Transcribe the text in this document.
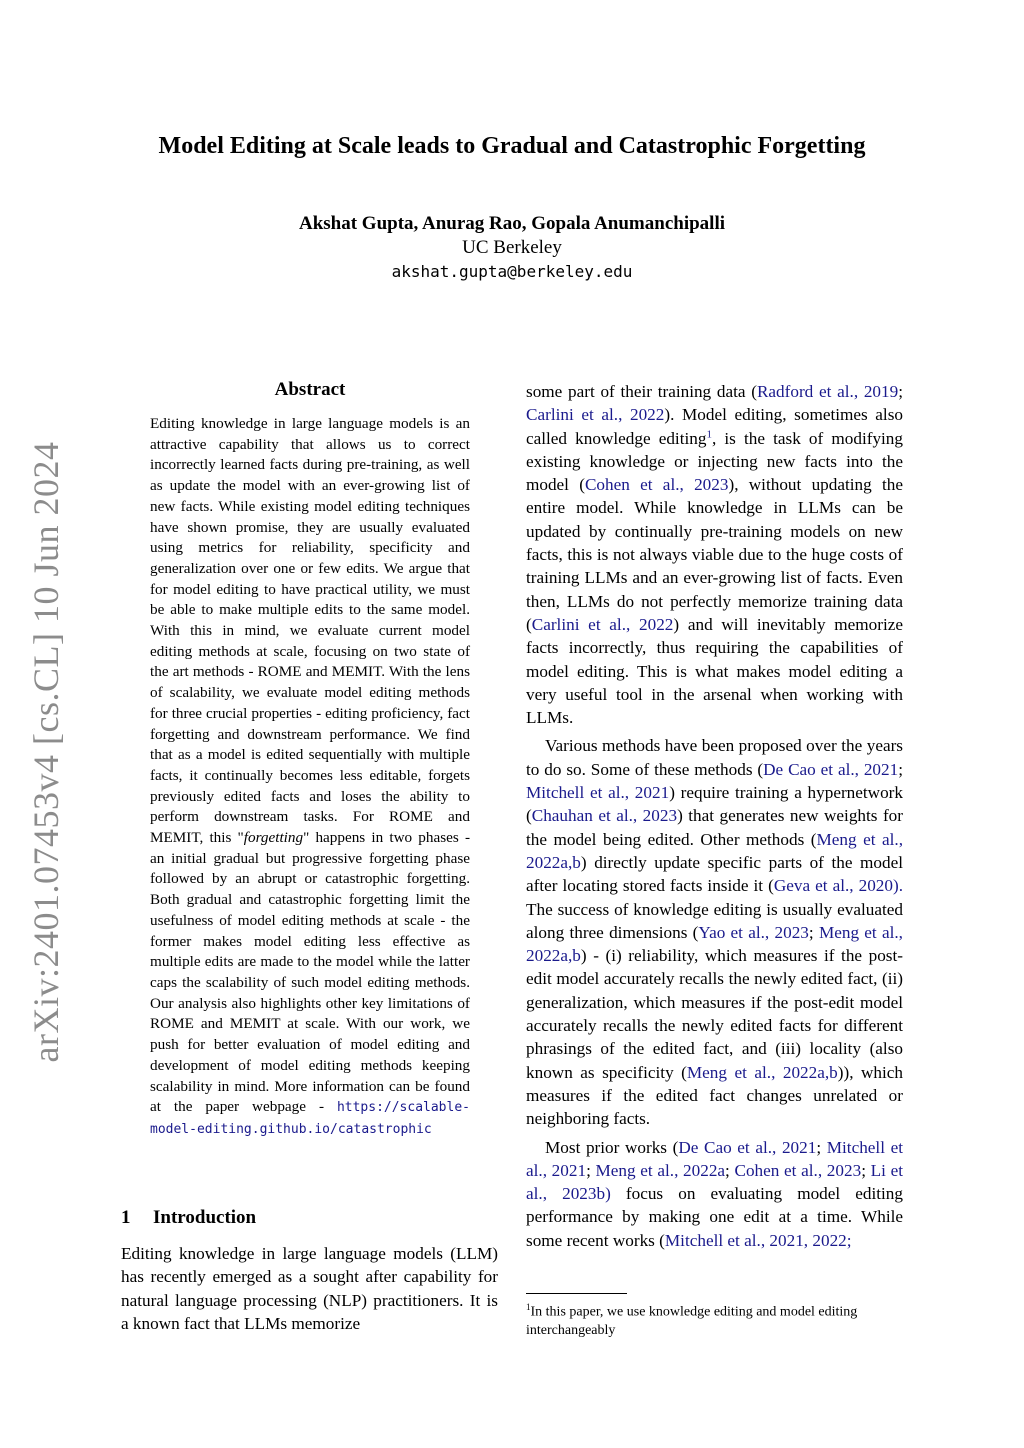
arXiv:2401.07453v4 [cs.CL] 10 Jun 2024
Model Editing at Scale leads to Gradual and Catastrophic Forgetting
Akshat Gupta, Anurag Rao, Gopala Anumanchipalli
UC Berkeley
akshat.gupta@berkeley.edu
Abstract
Editing knowledge in large language models is an attractive capability that allows us to correct incorrectly learned facts during pre-training, as well as update the model with an ever-growing list of new facts. While existing model editing techniques have shown promise, they are usually evaluated using metrics for reliability, specificity and generalization over one or few edits. We argue that for model editing to have practical utility, we must be able to make multiple edits to the same model. With this in mind, we evaluate current model editing methods at scale, focusing on two state of the art methods - ROME and MEMIT. With the lens of scalability, we evaluate model editing methods for three crucial properties - editing proficiency, fact forgetting and downstream performance. We find that as a model is edited sequentially with multiple facts, it continually becomes less editable, forgets previously edited facts and loses the ability to perform downstream tasks. For ROME and MEMIT, this "forgetting" happens in two phases - an initial gradual but progressive forgetting phase followed by an abrupt or catastrophic forgetting. Both gradual and catastrophic forgetting limit the usefulness of model editing methods at scale - the former makes model editing less effective as multiple edits are made to the model while the latter caps the scalability of such model editing methods. Our analysis also highlights other key limitations of ROME and MEMIT at scale. With our work, we push for better evaluation of model editing and development of model editing methods keeping scalability in mind. More information can be found at the paper webpage - https://scalable-model-editing.github.io/catastrophic
1 Introduction
Editing knowledge in large language models (LLM) has recently emerged as a sought after capability for natural language processing (NLP) practitioners. It is a known fact that LLMs memorize

some part of their training data (Radford et al., 2019; Carlini et al., 2022). Model editing, sometimes also called knowledge editing$^1$, is the task of modifying existing knowledge or injecting new facts into the model (Cohen et al., 2023), without updating the entire model. While knowledge in LLMs can be updated by continually pre-training models on new facts, this is not always viable due to the huge costs of training LLMs and an ever-growing list of facts. Even then, LLMs do not perfectly memorize training data (Carlini et al., 2022) and will inevitably memorize facts incorrectly, thus requiring the capabilities of model editing. This is what makes model editing a very useful tool in the arsenal when working with LLMs.

Various methods have been proposed over the years to do so. Some of these methods (De Cao et al., 2021; Mitchell et al., 2021) require training a hypernetwork (Chauhan et al., 2023) that generates new weights for the model being edited. Other methods (Meng et al., 2022a,b) directly update specific parts of the model after locating stored facts inside it (Geva et al., 2020). The success of knowledge editing is usually evaluated along three dimensions (Yao et al., 2023; Meng et al., 2022a,b) - (i) reliability, which measures if the post-edit model accurately recalls the newly edited fact, (ii) generalization, which measures if the post-edit model accurately recalls the newly edited facts for different phrasings of the edited fact, and (iii) locality (also known as specificity (Meng et al., 2022a,b)), which measures if the edited fact changes unrelated or neighboring facts.

Most prior works (De Cao et al., 2021; Mitchell et al., 2021; Meng et al., 2022a; Cohen et al., 2023; Li et al., 2023b) focus on evaluating model editing performance by making one edit at a time. While some recent works (Mitchell et al., 2021, 2022;

$^1$In this paper, we use knowledge editing and model editing interchangeably
